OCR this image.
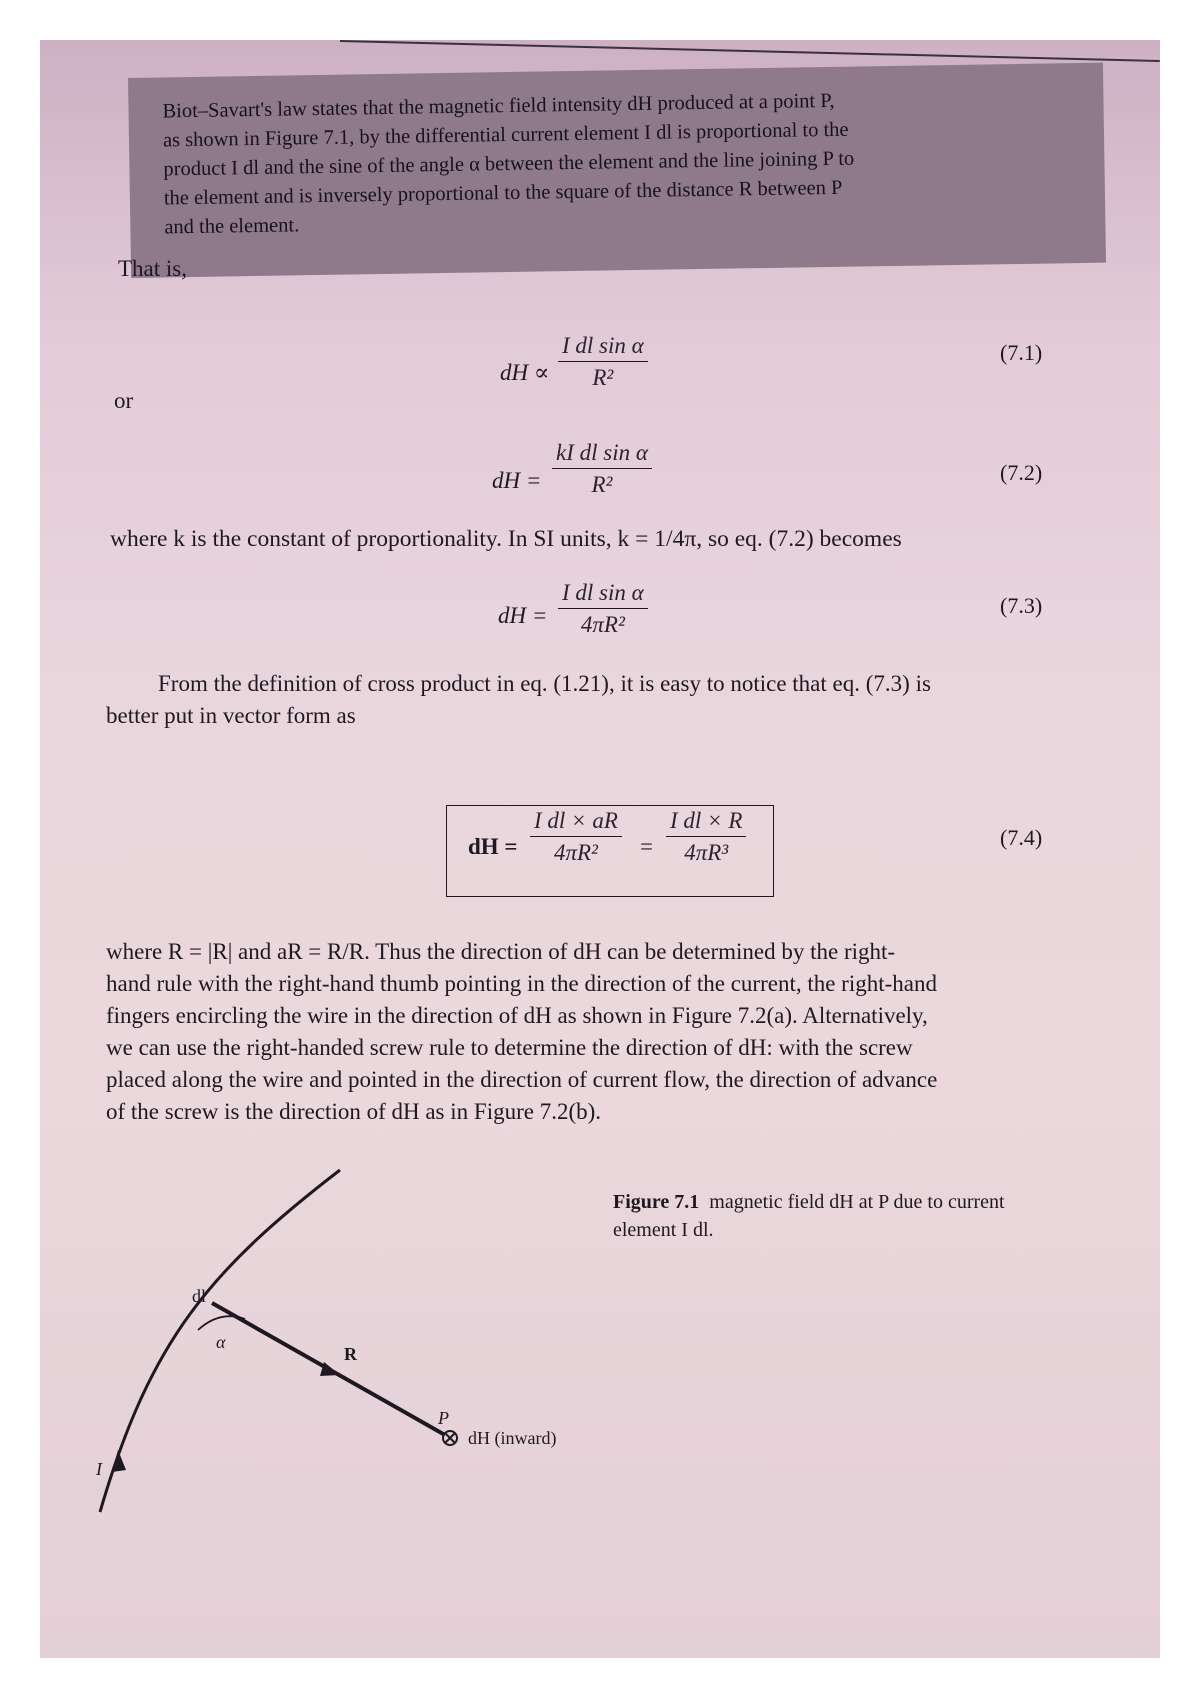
Biot–Savart's law states that the magnetic field intensity dH produced at a point P,

as shown in Figure 7.1, by the differential current element I dl is proportional to the

product I dl and the sine of the angle α between the element and the line joining P to

the element and is inversely proportional to the square of the distance R between P

and the element.

That is,
dH ∝ $\frac{\text{I dl sin α}}{\text{R²}}$	(7.1)
or
dH = $\frac{\text{kI dl sin α}}{\text{R²}}$	(7.2)
where k is the constant of proportionality. In SI units, k = 1/4π, so eq. (7.2) becomes
dH = $\frac{\text{I dl sin α}}{\text{4πR²}}$	(7.3)
From the definition of cross product in eq. (1.21), it is easy to notice that eq. (7.3) is
better put in vector form as
dH = $\frac{\text{I dl × aR}}{\text{4πR²}} = \frac{\text{I dl × R}}{\text{4πR³}}$	(7.4)
where R = |R| and aR = R/R. Thus the direction of dH can be determined by the right-
hand rule with the right-hand thumb pointing in the direction of the current, the right-hand
fingers encircling the wire in the direction of dH as shown in Figure 7.2(a). Alternatively,
we can use the right-handed screw rule to determine the direction of dH: with the screw
placed along the wire and pointed in the direction of current flow, the direction of advance
of the screw is the direction of dH as in Figure 7.2(b).
Figure 7.1 magnetic field dH at P due to current
element I dl.
dl
α
R
P
I
dH (inward)
